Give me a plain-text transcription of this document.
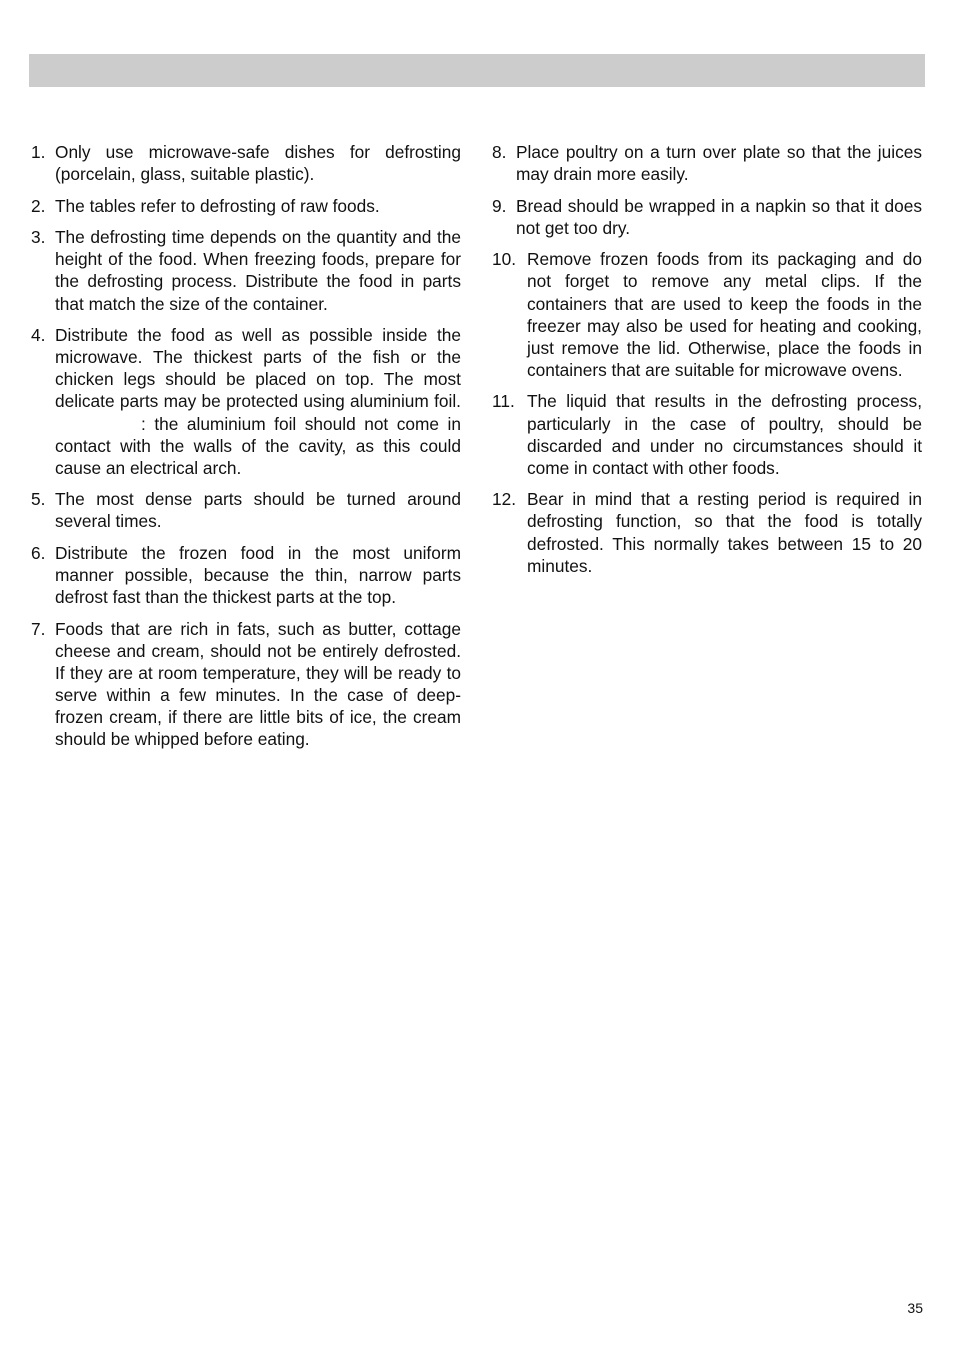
1. Only use microwave-safe dishes for defrosting (porcelain, glass, suitable plastic).
2. The tables refer to defrosting of raw foods.
3. The defrosting time depends on the quantity and the height of the food. When freezing foods, prepare for the defrosting process. Distribute the food in parts that match the size of the container.
4. Distribute the food as well as possible inside the microwave. The thickest parts of the fish or the chicken legs should be placed on top. The most delicate parts may be protected using aluminium foil.: the aluminium foil should not come in contact with the walls of the cavity, as this could cause an electrical arch.
5. The most dense parts should be turned around several times.
6. Distribute the frozen food in the most uniform manner possible, because the thin, narrow parts defrost fast than the thickest parts at the top.
7. Foods that are rich in fats, such as butter, cottage cheese and cream, should not be entirely defrosted. If they are at room temperature, they will be ready to serve within a few minutes. In the case of deep-frozen cream, if there are little bits of ice, the cream should be whipped before eating.
8. Place poultry on a turn over plate so that the juices may drain more easily.
9. Bread should be wrapped in a napkin so that it does not get too dry.
10. Remove frozen foods from its packaging and do not forget to remove any metal clips. If the containers that are used to keep the foods in the freezer may also be used for heating and cooking, just remove the lid. Otherwise, place the foods in containers that are suitable for microwave ovens.
11. The liquid that results in the defrosting process, particularly in the case of poultry, should be discarded and under no circumstances should it come in contact with other foods.
12. Bear in mind that a resting period is required in defrosting function, so that the food is totally defrosted. This normally takes between 15 to 20 minutes.
35
